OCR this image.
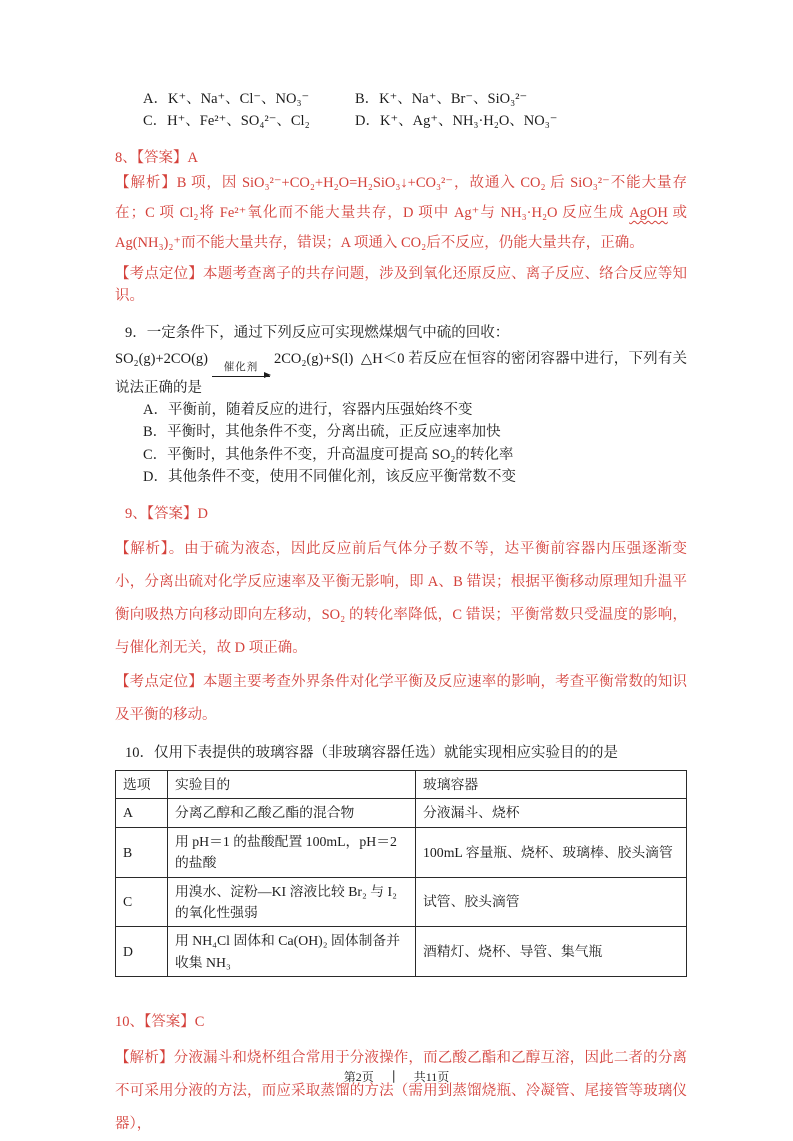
A．K⁺、Na⁺、Cl⁻、NO₃⁻	B．K⁺、Na⁺、Br⁻、SiO₃²⁻
C．H⁺、Fe²⁺、SO₄²⁻、Cl₂	D．K⁺、Ag⁺、NH₃·H₂O、NO₃⁻

8、【答案】A

【解析】B 项，因 SiO₃²⁻+CO₂+H₂O=H₂SiO₃↓+CO₃²⁻，故通入 CO₂ 后 SiO₃²⁻不能大量存在；C 项 Cl₂将 Fe²⁺氧化而不能大量共存，D 项中 Ag⁺与 NH₃·H₂O 反应生成 AgOH 或 Ag(NH₃)₂⁺而不能大量共存，错误；A 项通入 CO₂后不反应，仍能大量共存，正确。

【考点定位】本题考查离子的共存问题，涉及到氧化还原反应、离子反应、络合反应等知识。

9．一定条件下，通过下列反应可实现燃煤烟气中硫的回收：

SO₂(g)+2CO(g)
催化剂
2CO₂(g)+S(l) △H＜0 若反应在恒容的密闭容器中进行，下列有关说法正确的是

A．平衡前，随着反应的进行，容器内压强始终不变

B．平衡时，其他条件不变，分离出硫，正反应速率加快

C．平衡时，其他条件不变，升高温度可提高 SO₂的转化率

D．其他条件不变，使用不同催化剂，该反应平衡常数不变

9、【答案】D

【解析】。由于硫为液态，因此反应前后气体分子数不等，达平衡前容器内压强逐渐变小，分离出硫对化学反应速率及平衡无影响，即 A、B 错误；根据平衡移动原理知升温平衡向吸热方向移动即向左移动，SO₂ 的转化率降低，C 错误；平衡常数只受温度的影响，与催化剂无关，故 D 项正确。

【考点定位】本题主要考查外界条件对化学平衡及反应速率的影响，考查平衡常数的知识及平衡的移动。

10．仅用下表提供的玻璃容器（非玻璃容器任选）就能实现相应实验目的的是

选项	实验目的	玻璃容器
A	分离乙醇和乙酸乙酯的混合物	分液漏斗、烧杯
B	用 pH＝1 的盐酸配置 100mL，pH＝2 的盐酸	100mL 容量瓶、烧杯、玻璃棒、胶头滴管
C	用溴水、淀粉—KI 溶液比较 Br₂ 与 I₂ 的氧化性强弱	试管、胶头滴管
D	用 NH₄Cl 固体和 Ca(OH)₂ 固体制备并收集 NH₃	酒精灯、烧杯、导管、集气瓶

10、【答案】C

【解析】分液漏斗和烧杯组合常用于分液操作，而乙酸乙酯和乙醇互溶，因此二者的分离不可采用分液的方法，而应采取蒸馏的方法（需用到蒸馏烧瓶、冷凝管、尾接管等玻璃仪器），

第2页 ｜ 共11页
